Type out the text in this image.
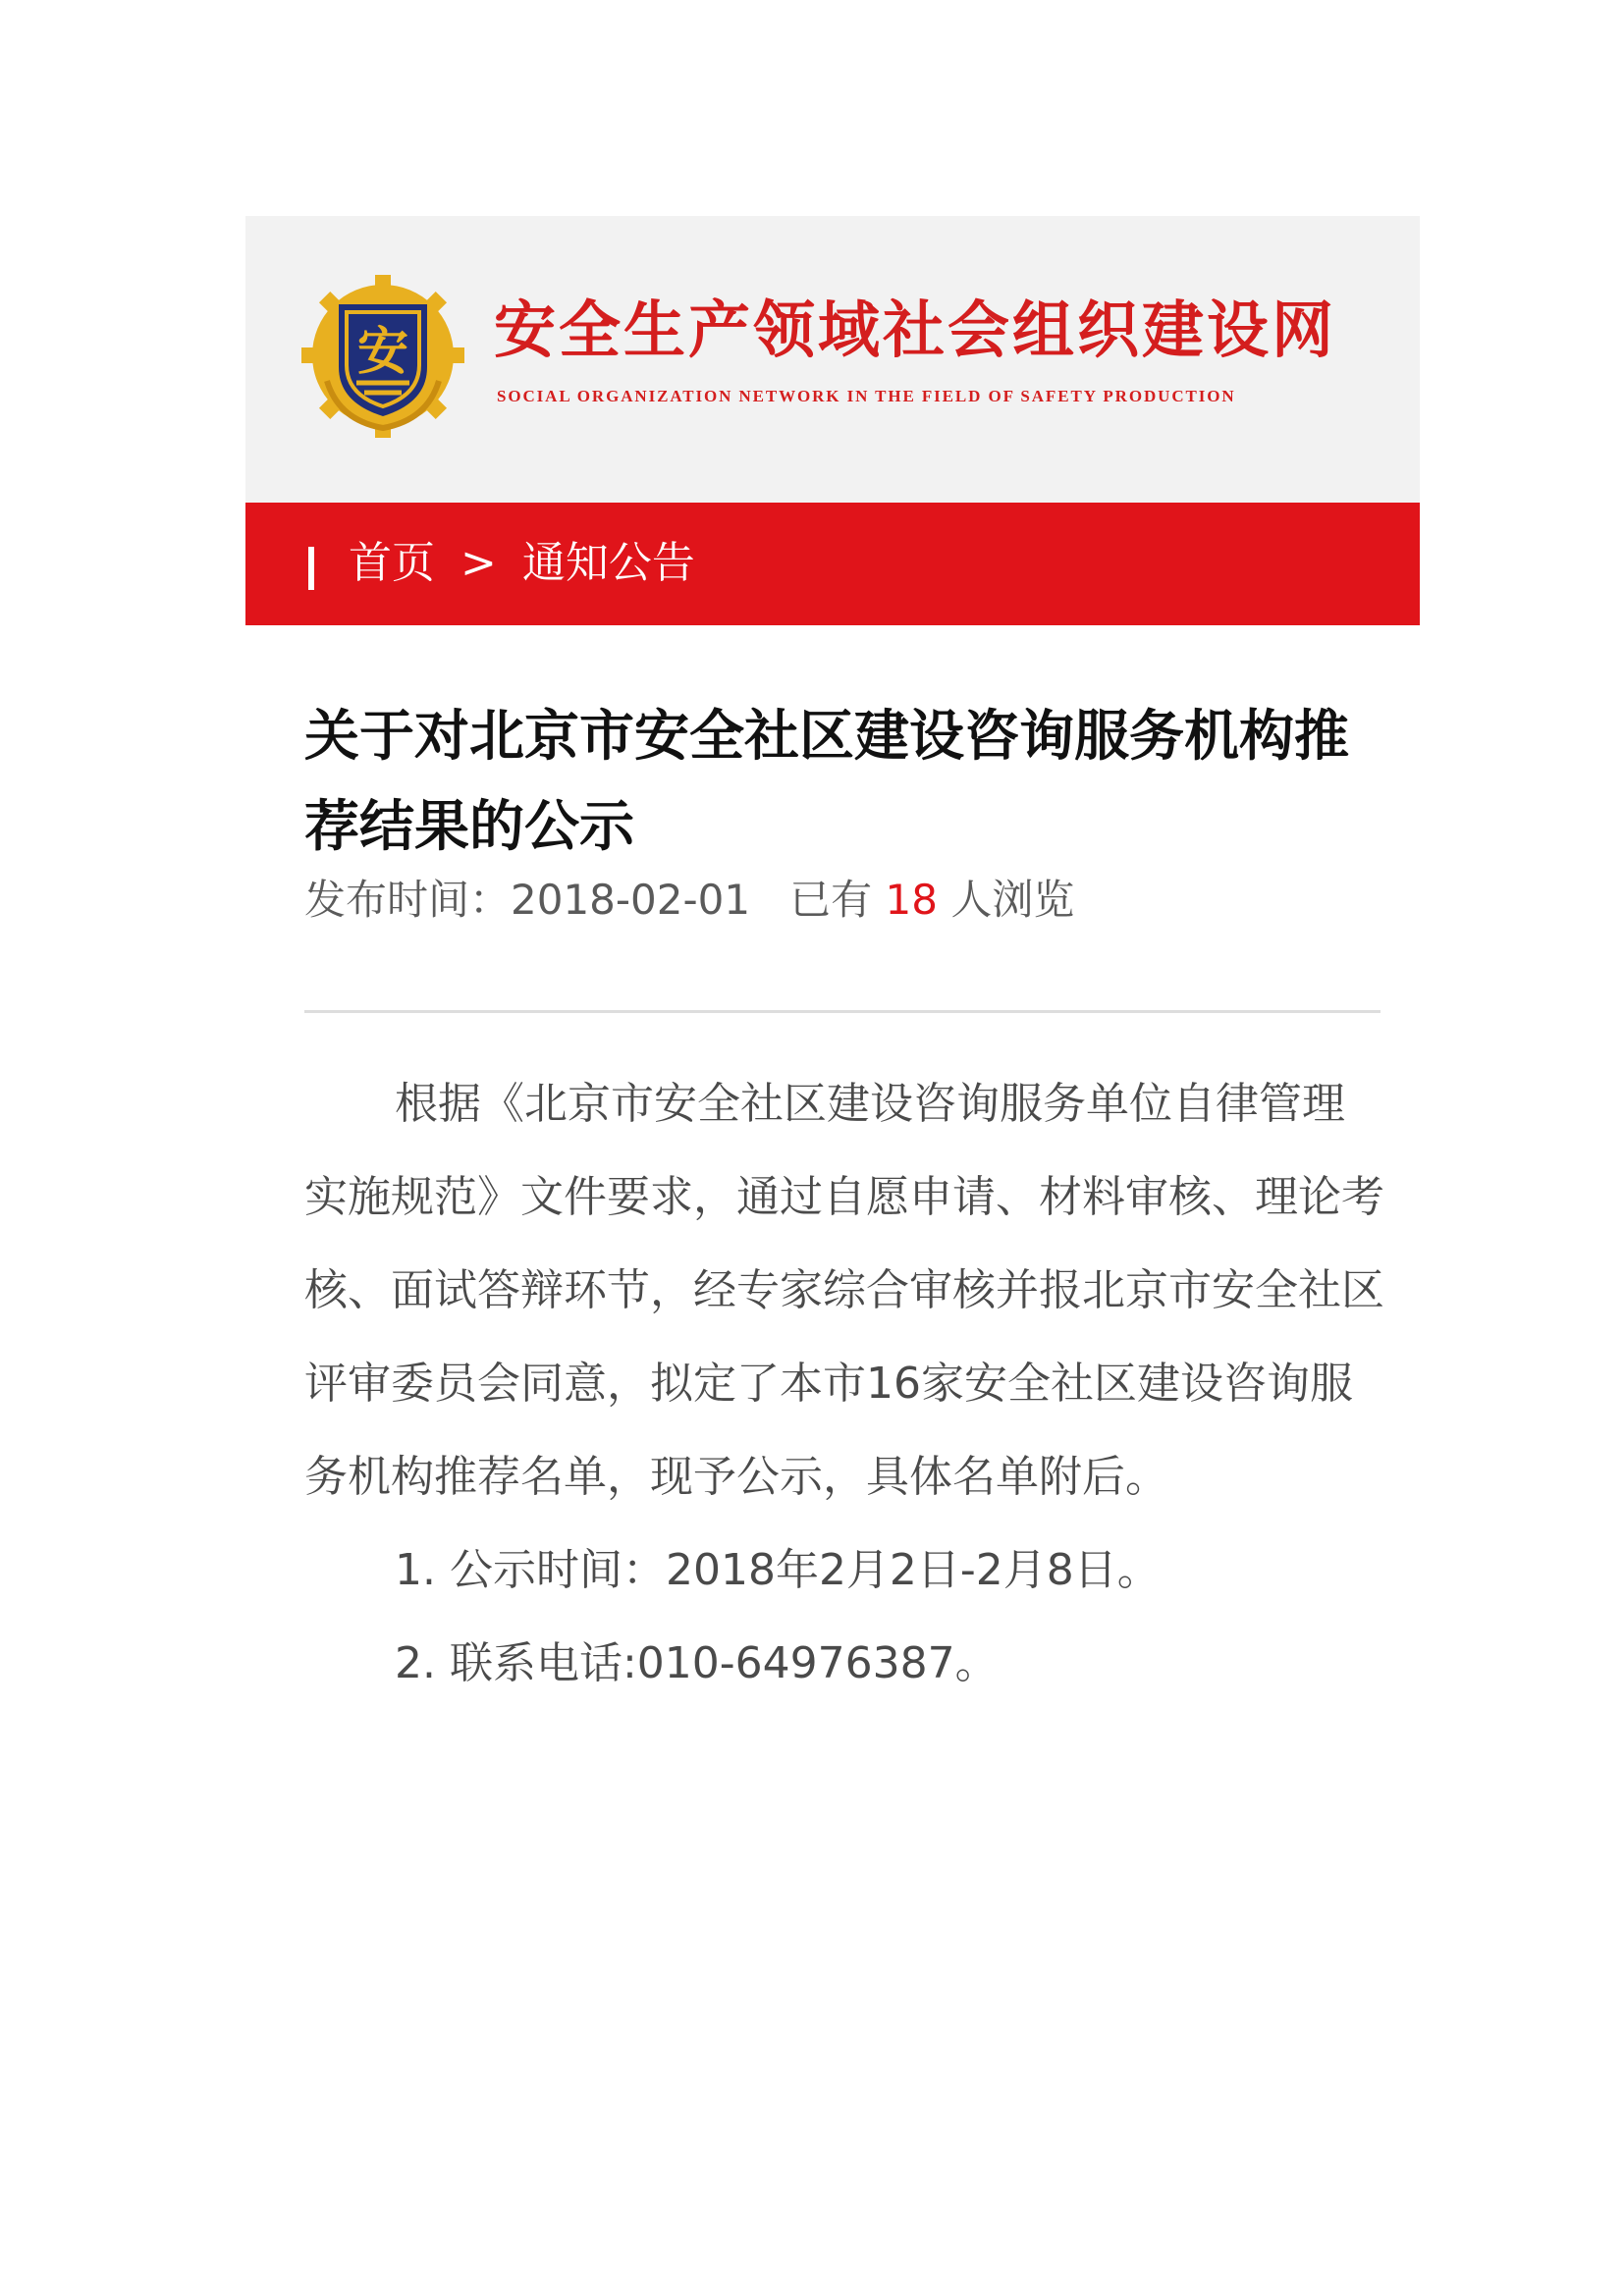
安 安全生产领域社会组织建设网
SOCIAL ORGANIZATION NETWORK IN THE FIELD OF SAFETY PRODUCTION
首页 > 通知公告
关于对北京市安全社区建设咨询服务机构推荐结果的公示
发布时间：2018-02-01 已有 18 人浏览

根据《北京市安全社区建设咨询服务单位自律管理实施规范》文件要求，通过自愿申请、材料审核、理论考核、面试答辩环节，经专家综合审核并报北京市安全社区评审委员会同意，拟定了本市16家安全社区建设咨询服务机构推荐名单，现予公示，具体名单附后。

1. 公示时间：2018年2月2日-2月8日。

2. 联系电话:010-64976387。
